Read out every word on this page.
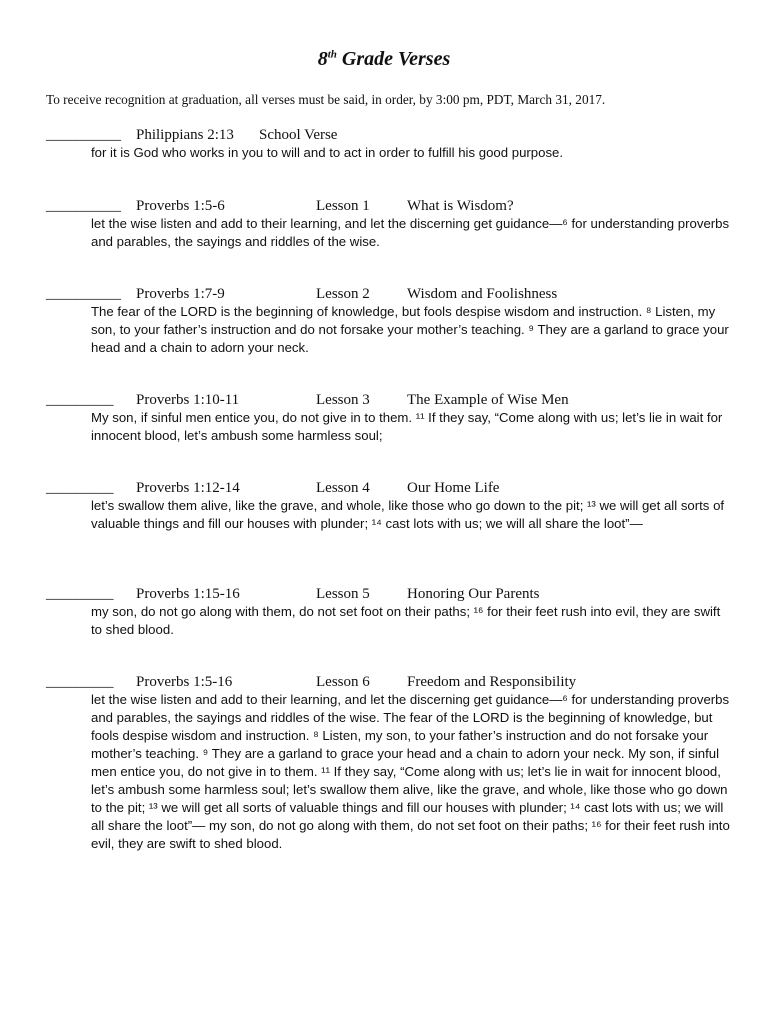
8th Grade Verses
To receive recognition at graduation, all verses must be said, in order, by 3:00 pm, PDT, March 31, 2017.
__________ Philippians 2:13 School Verse
for it is God who works in you to will and to act in order to fulfill his good purpose.
__________ Proverbs 1:5-6	Lesson 1 What is Wisdom?
let the wise listen and add to their learning, and let the discerning get guidance—⁶ for understanding proverbs and parables, the sayings and riddles of the wise.
__________ Proverbs 1:7-9	Lesson 2 Wisdom and Foolishness
The fear of the LORD is the beginning of knowledge, but fools despise wisdom and instruction. ⁸ Listen, my son, to your father’s instruction and do not forsake your mother’s teaching. ⁹ They are a garland to grace your head and a chain to adorn your neck.
_________ Proverbs 1:10-11	Lesson 3 The Example of Wise Men
My son, if sinful men entice you, do not give in to them. ¹¹ If they say, “Come along with us; let’s lie in wait for innocent blood, let’s ambush some harmless soul;
_________ Proverbs 1:12-14	Lesson 4 Our Home Life
let’s swallow them alive, like the grave, and whole, like those who go down to the pit; ¹³ we will get all sorts of valuable things and fill our houses with plunder; ¹⁴ cast lots with us; we will all share the loot”—
_________ Proverbs 1:15-16	Lesson 5 Honoring Our Parents
my son, do not go along with them, do not set foot on their paths; ¹⁶ for their feet rush into evil, they are swift to shed blood.
_________ Proverbs 1:5-16	Lesson 6 Freedom and Responsibility
let the wise listen and add to their learning, and let the discerning get guidance—⁶ for understanding proverbs and parables, the sayings and riddles of the wise. The fear of the LORD is the beginning of knowledge, but fools despise wisdom and instruction. ⁸ Listen, my son, to your father’s instruction and do not forsake your mother’s teaching. ⁹ They are a garland to grace your head and a chain to adorn your neck. My son, if sinful men entice you, do not give in to them. ¹¹ If they say, “Come along with us; let’s lie in wait for innocent blood, let’s ambush some harmless soul; let’s swallow them alive, like the grave, and whole, like those who go down to the pit; ¹³ we will get all sorts of valuable things and fill our houses with plunder; ¹⁴ cast lots with us; we will all share the loot”— my son, do not go along with them, do not set foot on their paths; ¹⁶ for their feet rush into evil, they are swift to shed blood.
